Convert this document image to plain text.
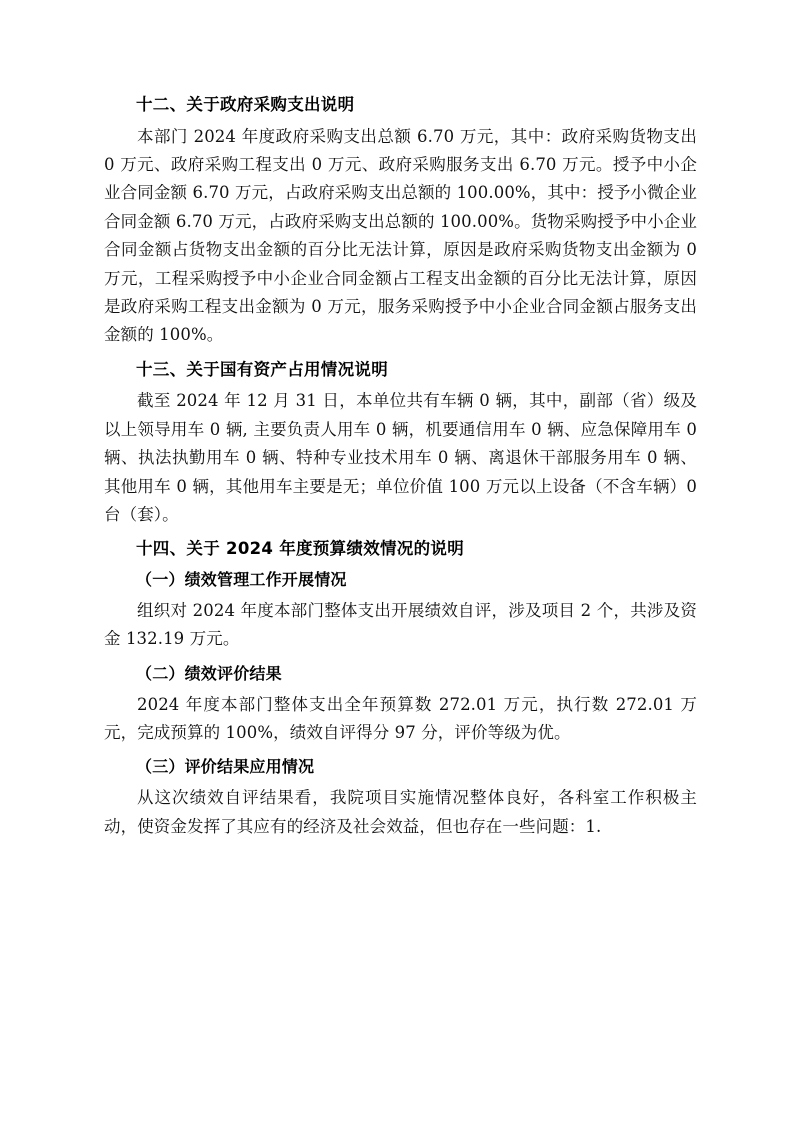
十二、关于政府采购支出说明

本部门 2024 年度政府采购支出总额 6.70 万元，其中：政府采购货物支出 0 万元、政府采购工程支出 0 万元、政府采购服务支出 6.70 万元。授予中小企业合同金额 6.70 万元，占政府采购支出总额的 100.00%，其中：授予小微企业合同金额 6.70 万元，占政府采购支出总额的 100.00%。货物采购授予中小企业合同金额占货物支出金额的百分比无法计算，原因是政府采购货物支出金额为 0 万元，工程采购授予中小企业合同金额占工程支出金额的百分比无法计算，原因是政府采购工程支出金额为 0 万元，服务采购授予中小企业合同金额占服务支出金额的 100%。

十三、关于国有资产占用情况说明

截至 2024 年 12 月 31 日，本单位共有车辆 0 辆，其中，副部（省）级及以上领导用车 0 辆, 主要负责人用车 0 辆，机要通信用车 0 辆、应急保障用车 0 辆、执法执勤用车 0 辆、特种专业技术用车 0 辆、离退休干部服务用车 0 辆、其他用车 0 辆，其他用车主要是无；单位价值 100 万元以上设备（不含车辆）0 台（套）。

十四、关于 2024 年度预算绩效情况的说明
（一）绩效管理工作开展情况

组织对 2024 年度本部门整体支出开展绩效自评，涉及项目 2 个，共涉及资金 132.19 万元。

（二）绩效评价结果

2024 年度本部门整体支出全年预算数 272.01 万元，执行数 272.01 万元，完成预算的 100%，绩效自评得分 97 分，评价等级为优。

（三）评价结果应用情况

从这次绩效自评结果看，我院项目实施情况整体良好，各科室工作积极主动，使资金发挥了其应有的经济及社会效益，但也存在一些问题：1.
